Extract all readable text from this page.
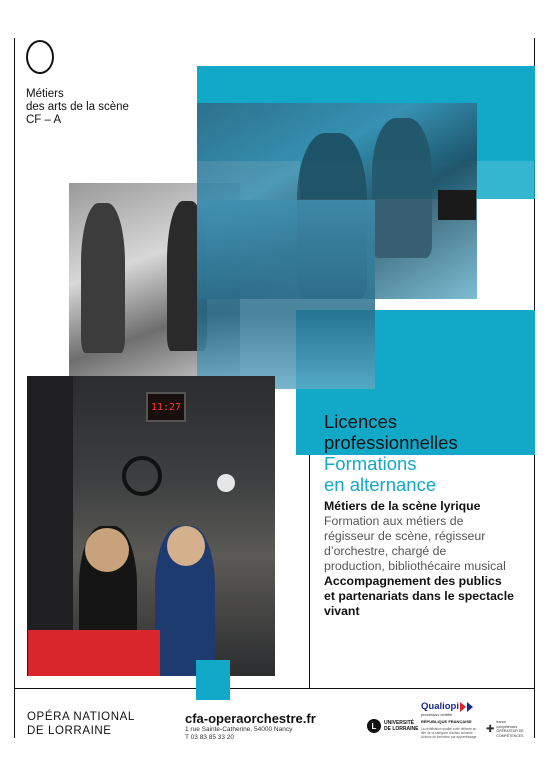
Métiers
des arts de la scène
CF – A
11:27
Licences
professionnelles
Formations
en alternance
Métiers de la scène lyrique
Formation aux métiers de
régisseur de scène, régisseur
d’orchestre, chargé de
production, bibliothécaire musical
Accompagnement des publics
et partenariats dans le spectacle
vivant
OPÉRA NATIONAL
DE LORRAINE
cfa-operaorchestre.fr
1 rue Sainte-Catherine, 54000 Nancy
T 03 83 85 33 20
L	UNIVERSITÉ
DE LORRAINE
Qualiopi
processus certifié
RÉPUBLIQUE FRANÇAISE
La certification qualité a été délivrée au titre de la catégorie d’action suivante : Actions de formation par apprentissage
✚
france
compétences
OPÉRATEUR DE COMPÉTENCES
